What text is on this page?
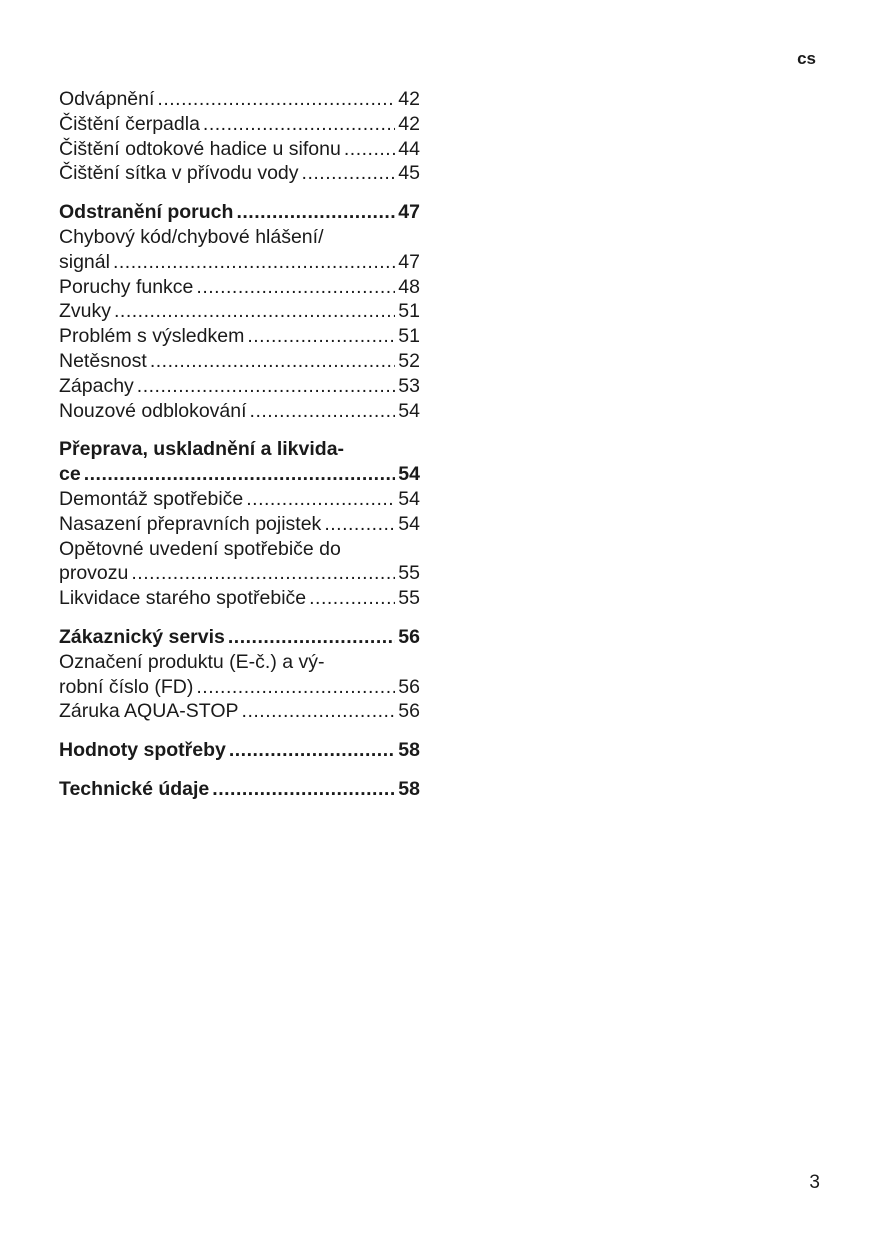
cs
Odvápnění .....	42
Čištění čerpadla .....	42
Čištění odtokové hadice u sifonu .....	44
Čištění sítka v přívodu vody .....	45
Odstranění poruch .....	47
Chybový kód/chybové hlášení/
signál .....	47
Poruchy funkce .....	48
Zvuky .....	51
Problém s výsledkem .....	51
Netěsnost .....	52
Zápachy .....	53
Nouzové odblokování .....	54
Přeprava, uskladnění a likvida-
ce .....	54
Demontáž spotřebiče .....	54
Nasazení přepravních pojistek .....	54
Opětovné uvedení spotřebiče do
provozu .....	55
Likvidace starého spotřebiče .....	55
Zákaznický servis .....	56
Označení produktu (E-č.) a vý-
robní číslo (FD) .....	56
Záruka AQUA-STOP .....	56
Hodnoty spotřeby .....	58
Technické údaje .....	58
3
